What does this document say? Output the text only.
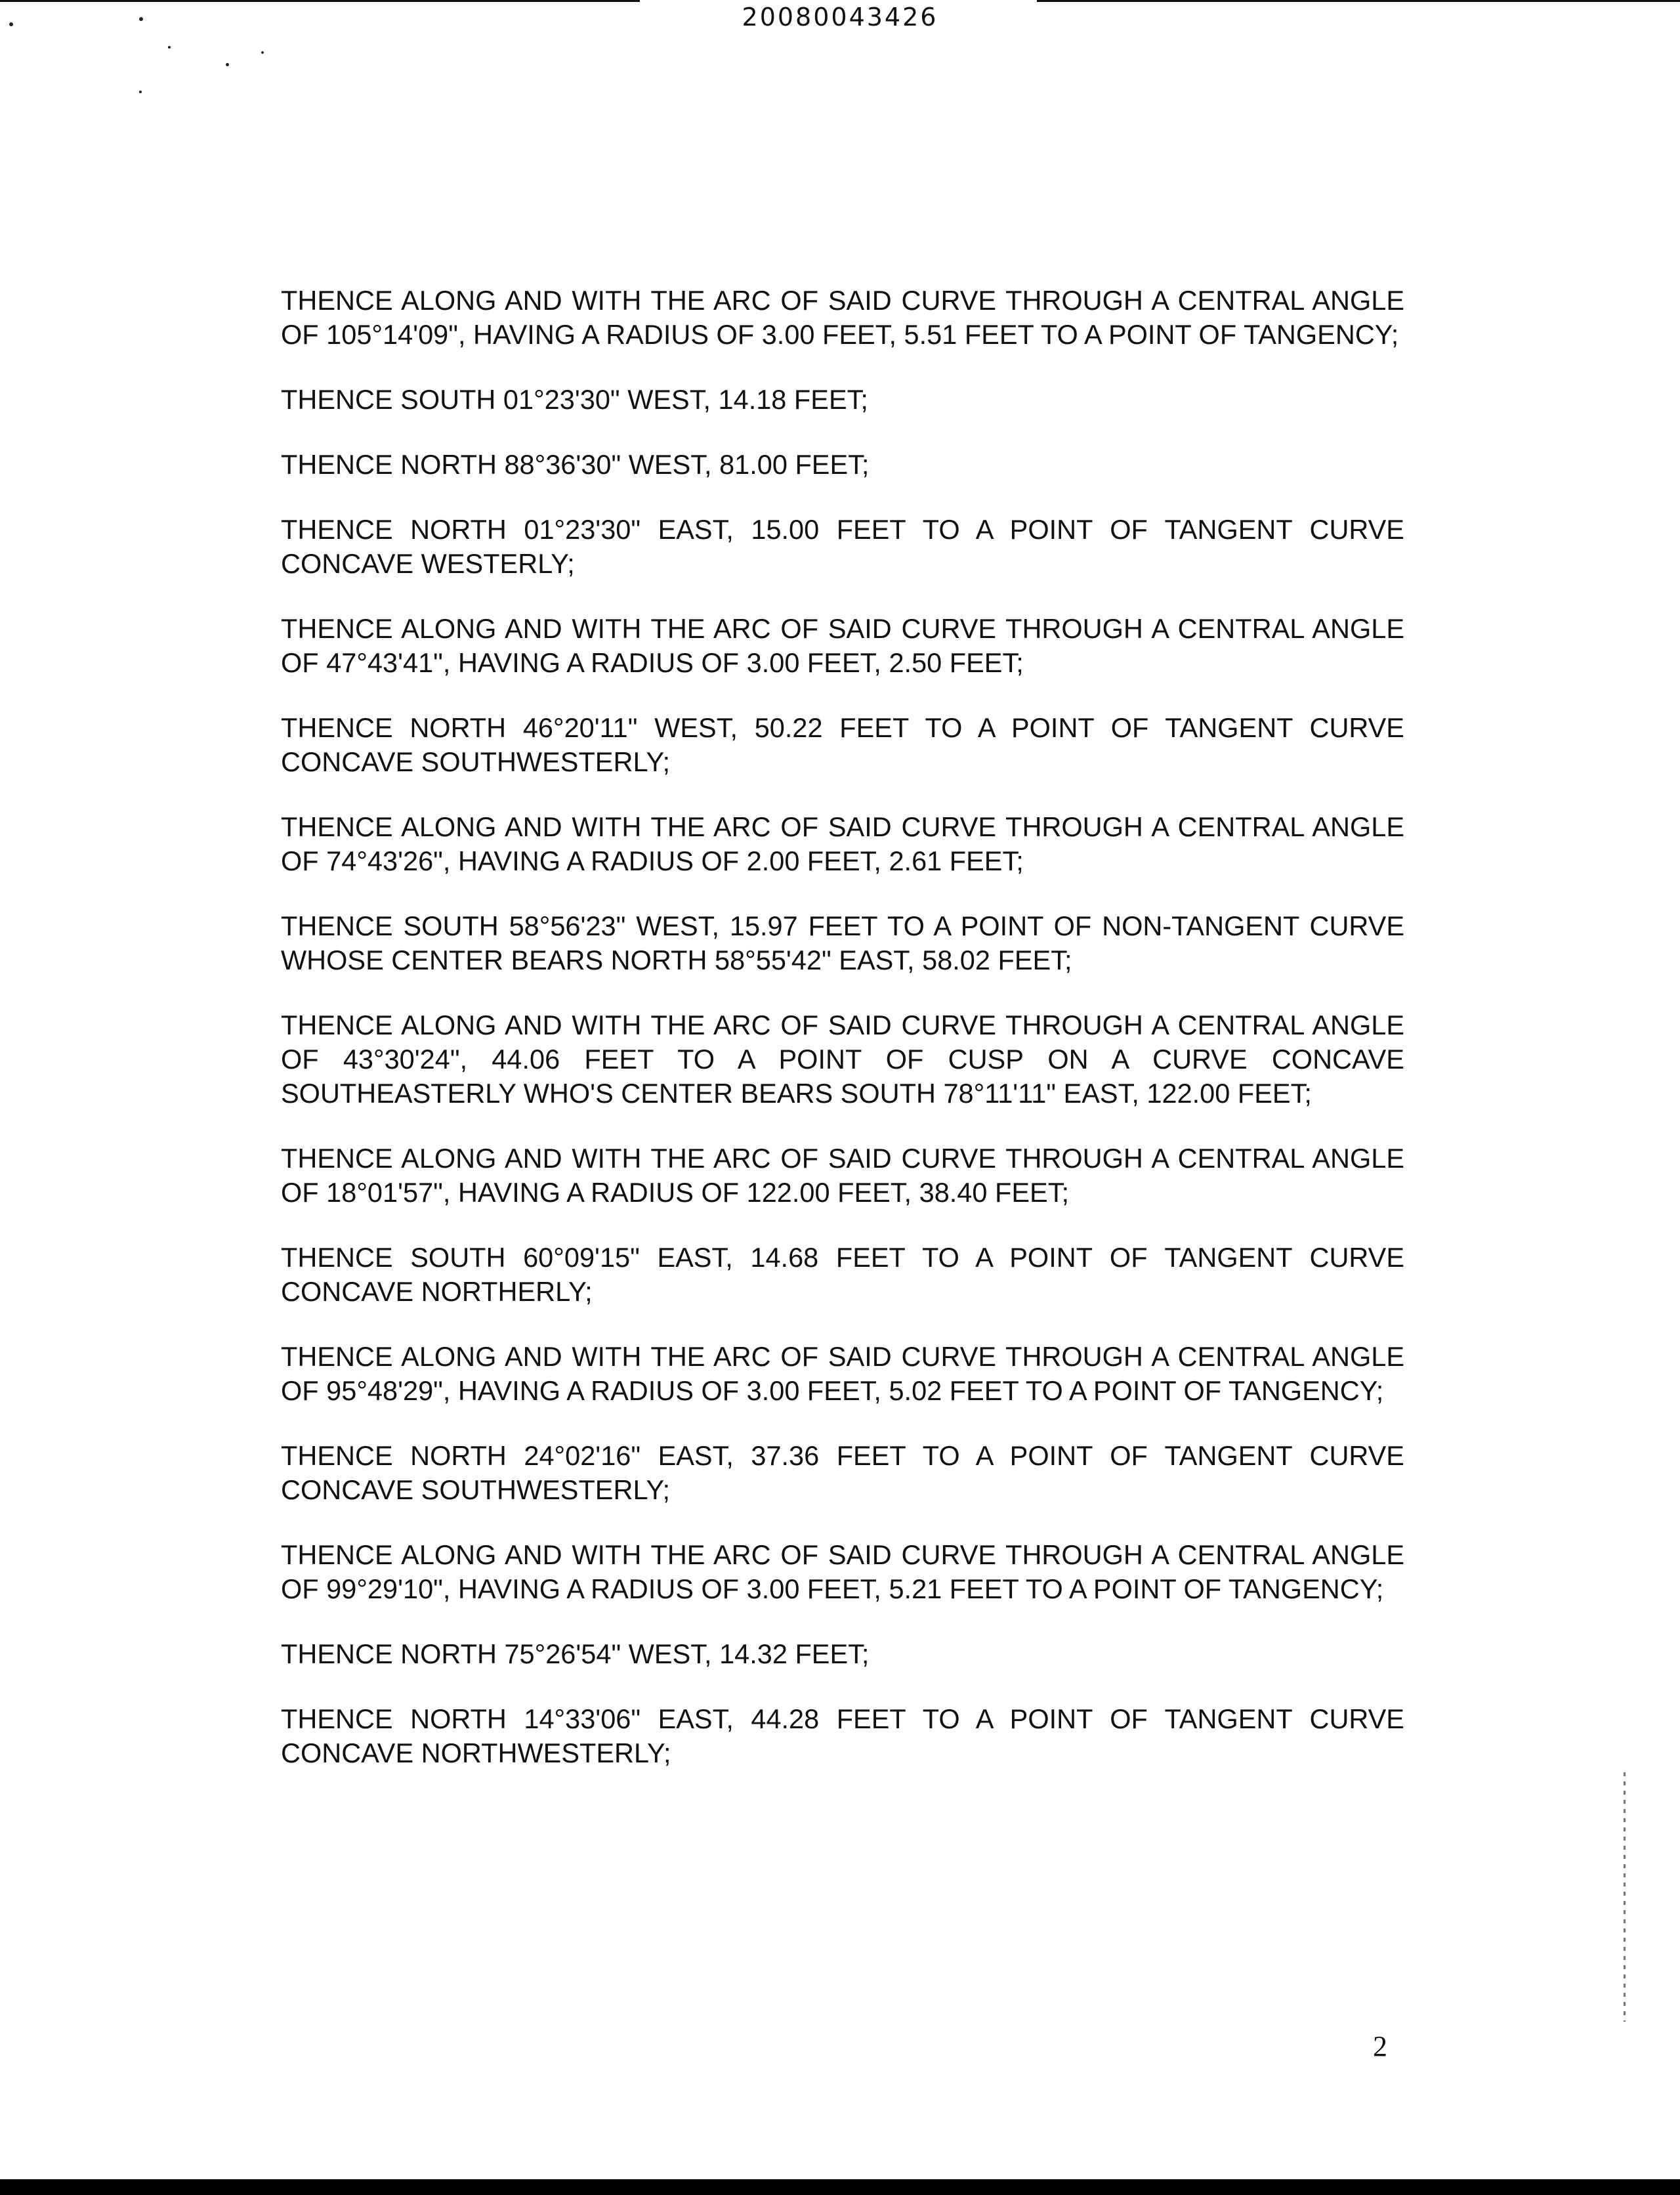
20080043426

THENCE ALONG AND WITH THE ARC OF SAID CURVE THROUGH A CENTRAL ANGLE OF 105°14'09", HAVING A RADIUS OF 3.00 FEET, 5.51 FEET TO A POINT OF TANGENCY;

THENCE SOUTH 01°23'30" WEST, 14.18 FEET;

THENCE NORTH 88°36'30" WEST, 81.00 FEET;

THENCE NORTH 01°23'30" EAST, 15.00 FEET TO A POINT OF TANGENT CURVE CONCAVE WESTERLY;

THENCE ALONG AND WITH THE ARC OF SAID CURVE THROUGH A CENTRAL ANGLE OF 47°43'41", HAVING A RADIUS OF 3.00 FEET, 2.50 FEET;

THENCE NORTH 46°20'11" WEST, 50.22 FEET TO A POINT OF TANGENT CURVE CONCAVE SOUTHWESTERLY;

THENCE ALONG AND WITH THE ARC OF SAID CURVE THROUGH A CENTRAL ANGLE OF 74°43'26", HAVING A RADIUS OF 2.00 FEET, 2.61 FEET;

THENCE SOUTH 58°56'23" WEST, 15.97 FEET TO A POINT OF NON-TANGENT CURVE WHOSE CENTER BEARS NORTH 58°55'42" EAST, 58.02 FEET;

THENCE ALONG AND WITH THE ARC OF SAID CURVE THROUGH A CENTRAL ANGLE OF 43°30'24", 44.06 FEET TO A POINT OF CUSP ON A CURVE CONCAVE SOUTHEASTERLY WHO'S CENTER BEARS SOUTH 78°11'11" EAST, 122.00 FEET;

THENCE ALONG AND WITH THE ARC OF SAID CURVE THROUGH A CENTRAL ANGLE OF 18°01'57", HAVING A RADIUS OF 122.00 FEET, 38.40 FEET;

THENCE SOUTH 60°09'15" EAST, 14.68 FEET TO A POINT OF TANGENT CURVE CONCAVE NORTHERLY;

THENCE ALONG AND WITH THE ARC OF SAID CURVE THROUGH A CENTRAL ANGLE OF 95°48'29", HAVING A RADIUS OF 3.00 FEET, 5.02 FEET TO A POINT OF TANGENCY;

THENCE NORTH 24°02'16" EAST, 37.36 FEET TO A POINT OF TANGENT CURVE CONCAVE SOUTHWESTERLY;

THENCE ALONG AND WITH THE ARC OF SAID CURVE THROUGH A CENTRAL ANGLE OF 99°29'10", HAVING A RADIUS OF 3.00 FEET, 5.21 FEET TO A POINT OF TANGENCY;

THENCE NORTH 75°26'54" WEST, 14.32 FEET;

THENCE NORTH 14°33'06" EAST, 44.28 FEET TO A POINT OF TANGENT CURVE CONCAVE NORTHWESTERLY;

2
